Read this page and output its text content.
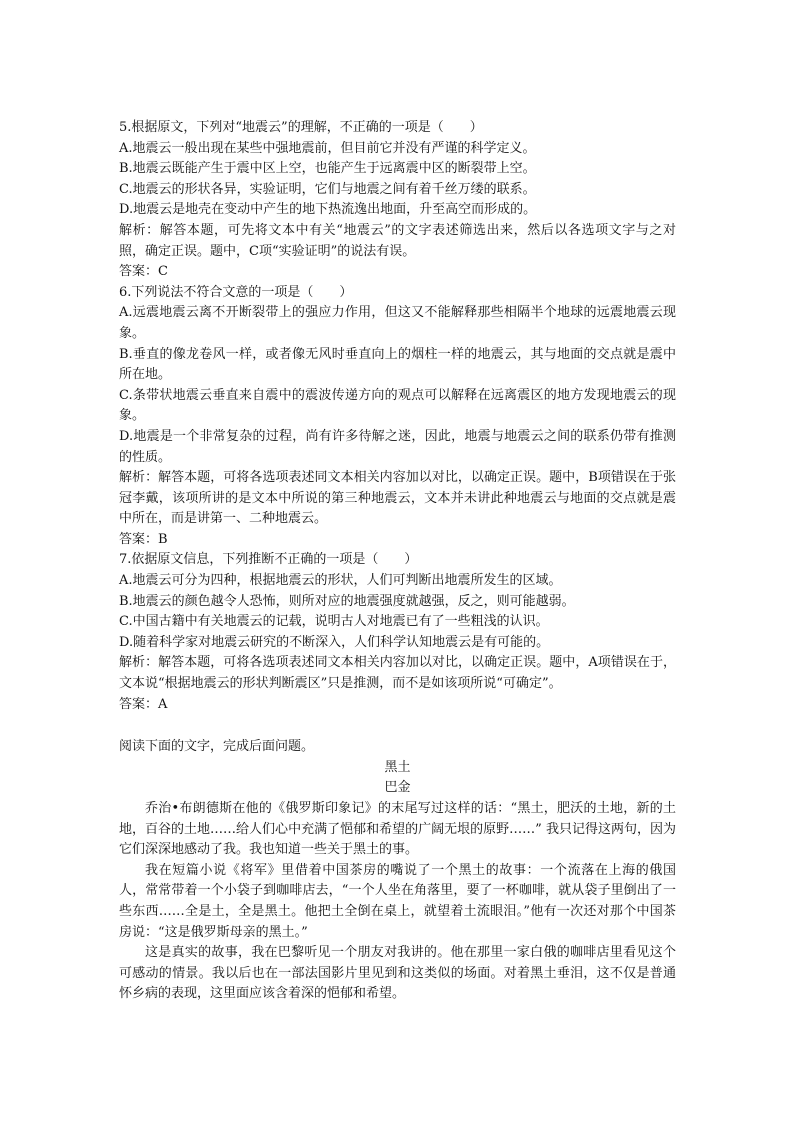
5.根据原文，下列对“地震云”的理解，不正确的一项是（　　）

A.地震云一般出现在某些中强地震前，但目前它并没有严谨的科学定义。

B.地震云既能产生于震中区上空，也能产生于远离震中区的断裂带上空。

C.地震云的形状各异，实验证明，它们与地震之间有着千丝万缕的联系。

D.地震云是地壳在变动中产生的地下热流逸出地面，升至高空而形成的。

解析：解答本题，可先将文本中有关“地震云”的文字表述筛选出来，然后以各选项文字与之对照，确定正误。题中，C项“实验证明”的说法有误。

答案：C

6.下列说法不符合文意的一项是（　　）

A.远震地震云离不开断裂带上的强应力作用，但这又不能解释那些相隔半个地球的远震地震云现象。

B.垂直的像龙卷风一样，或者像无风时垂直向上的烟柱一样的地震云，其与地面的交点就是震中所在地。

C.条带状地震云垂直来自震中的震波传递方向的观点可以解释在远离震区的地方发现地震云的现象。

D.地震是一个非常复杂的过程，尚有许多待解之迷，因此，地震与地震云之间的联系仍带有推测的性质。

解析：解答本题，可将各选项表述同文本相关内容加以对比，以确定正误。题中，B项错误在于张冠李戴，该项所讲的是文本中所说的第三种地震云，文本并未讲此种地震云与地面的交点就是震中所在，而是讲第一、二种地震云。

答案：B

7.依据原文信息，下列推断不正确的一项是（　　）

A.地震云可分为四种，根据地震云的形状，人们可判断出地震所发生的区域。

B.地震云的颜色越令人恐怖，则所对应的地震强度就越强，反之，则可能越弱。

C.中国古籍中有关地震云的记载，说明古人对地震已有了一些粗浅的认识。

D.随着科学家对地震云研究的不断深入，人们科学认知地震云是有可能的。

解析：解答本题，可将各选项表述同文本相关内容加以对比，以确定正误。题中，A项错误在于，文本说“根据地震云的形状判断震区”只是推测，而不是如该项所说“可确定”。

答案：A

阅读下面的文字，完成后面问题。

黑土

巴金

乔治•布朗德斯在他的《俄罗斯印象记》的末尾写过这样的话：“黑土，肥沃的土地，新的土地，百谷的土地……给人们心中充满了悒郁和希望的广阔无垠的原野……” 我只记得这两句，因为它们深深地感动了我。我也知道一些关于黑土的事。

我在短篇小说《将军》里借着中国茶房的嘴说了一个黑土的故事：一个流落在上海的俄国人，常常带着一个小袋子到咖啡店去，“一个人坐在角落里，要了一杯咖啡，就从袋子里倒出了一些东西……全是土，全是黑土。他把土全倒在桌上，就望着土流眼泪。”他有一次还对那个中国茶房说：“这是俄罗斯母亲的黑土。”

这是真实的故事，我在巴黎听见一个朋友对我讲的。他在那里一家白俄的咖啡店里看见这个可感动的情景。我以后也在一部法国影片里见到和这类似的场面。对着黑土垂泪，这不仅是普通怀乡病的表现，这里面应该含着深的悒郁和希望。
